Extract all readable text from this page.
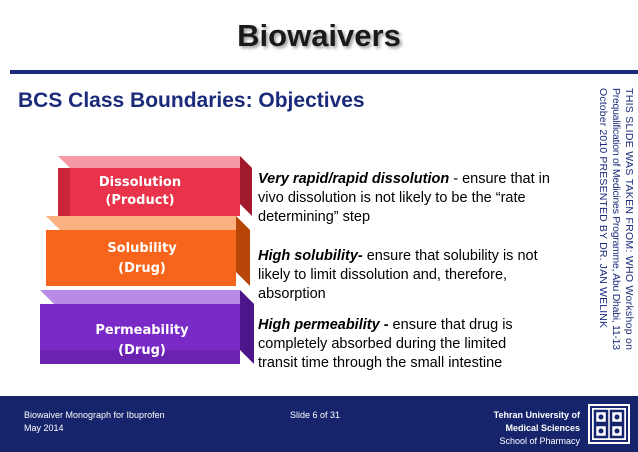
Biowaivers
BCS Class Boundaries: Objectives	THIS SLIDE WAS TAKEN FROM: WHO Workshop on
Prequalification of Medicines Programme, Abu Dhabi, 11-13
October 2010 PRESENTED BY DR. JAN WELINK
Dissolution
(Product)
Solubility
(Drug)
Permeability
(Drug)
Very rapid/rapid dissolution - ensure that in vivo dissolution is not likely to be the “rate determining” step
High solubility- ensure that solubility is not likely to limit dissolution and, therefore, absorption
High permeability - ensure that drug is completely absorbed during the limited transit time through the small intestine
Biowaiver Monograph for Ibuprofen
May 2014
Slide 6 of 31	Tehran University of
Medical Sciences
School of Pharmacy
